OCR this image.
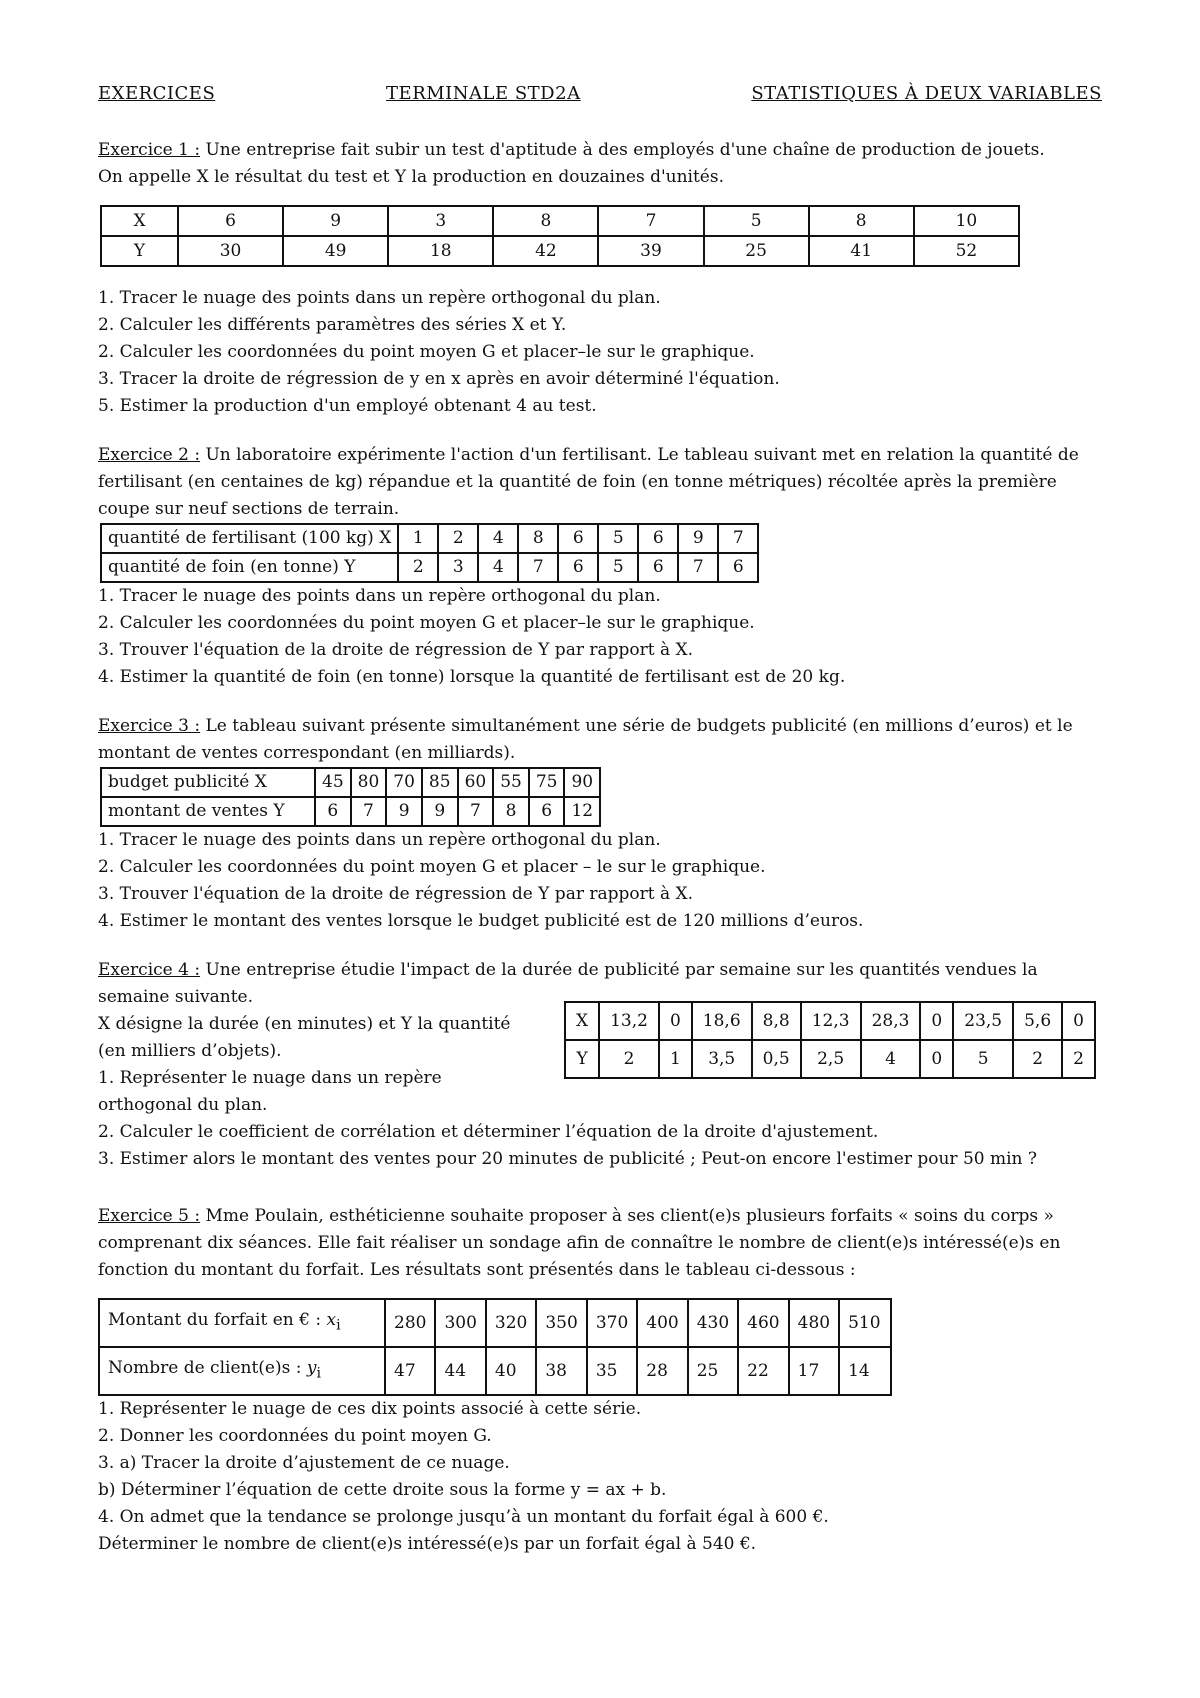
EXERCICES	TERMINALE STD2A	STATISTIQUES À DEUX VARIABLES

Exercice 1 : Une entreprise fait subir un test d'aptitude à des employés d'une chaîne de production de jouets.

On appelle X le résultat du test et Y la production en douzaines d'unités.

X	6	9	3	8	7	5	8	10
Y	30	49	18	42	39	25	41	52

1. Tracer le nuage des points dans un repère orthogonal du plan.

2. Calculer les différents paramètres des séries X et Y.

2. Calculer les coordonnées du point moyen G et placer–le sur le graphique.

3. Tracer la droite de régression de y en x après en avoir déterminé l'équation.

5. Estimer la production d'un employé obtenant 4 au test.

Exercice 2 : Un laboratoire expérimente l'action d'un fertilisant. Le tableau suivant met en relation la quantité de fertilisant (en centaines de kg) répandue et la quantité de foin (en tonne métriques) récoltée après la première coupe sur neuf sections de terrain.

quantité de fertilisant (100 kg) X	1	2	4	8	6	5	6	9	7
quantité de foin (en tonne) Y	2	3	4	7	6	5	6	7	6

1. Tracer le nuage des points dans un repère orthogonal du plan.

2. Calculer les coordonnées du point moyen G et placer–le sur le graphique.

3. Trouver l'équation de la droite de régression de Y par rapport à X.

4. Estimer la quantité de foin (en tonne) lorsque la quantité de fertilisant est de 20 kg.

Exercice 3 : Le tableau suivant présente simultanément une série de budgets publicité (en millions d’euros) et le montant de ventes correspondant (en milliards).

budget publicité X	45	80	70	85	60	55	75	90
montant de ventes Y	6	7	9	9	7	8	6	12

1. Tracer le nuage des points dans un repère orthogonal du plan.

2. Calculer les coordonnées du point moyen G et placer – le sur le graphique.

3. Trouver l'équation de la droite de régression de Y par rapport à X.

4. Estimer le montant des ventes lorsque le budget publicité est de 120 millions d’euros.

Exercice 4 : Une entreprise étudie l'impact de la durée de publicité par semaine sur les quantités vendues la semaine suivante.

X désigne la durée (en minutes) et Y la quantité (en milliers d’objets).

1. Représenter le nuage dans un repère orthogonal du plan.

X	13,2	0	18,6	8,8	12,3	28,3	0	23,5	5,6	0
Y	2	1	3,5	0,5	2,5	4	0	5	2	2

2. Calculer le coefficient de corrélation et déterminer l’équation de la droite d'ajustement.

3. Estimer alors le montant des ventes pour 20 minutes de publicité ; Peut-on encore l'estimer pour 50 min ?

Exercice 5 : Mme Poulain, esthéticienne souhaite proposer à ses client(e)s plusieurs forfaits « soins du corps » comprenant dix séances. Elle fait réaliser un sondage afin de connaître le nombre de client(e)s intéressé(e)s en fonction du montant du forfait. Les résultats sont présentés dans le tableau ci-dessous :

Montant du forfait en € : $x_i$	280	300	320	350	370	400	430	460	480	510
Nombre de client(e)s : $y_i$	47	44	40	38	35	28	25	22	17	14

1. Représenter le nuage de ces dix points associé à cette série.

2. Donner les coordonnées du point moyen G.

3. a) Tracer la droite d’ajustement de ce nuage.

b) Déterminer l’équation de cette droite sous la forme y = ax + b.

4. On admet que la tendance se prolonge jusqu’à un montant du forfait égal à 600 €.

Déterminer le nombre de client(e)s intéressé(e)s par un forfait égal à 540 €.
